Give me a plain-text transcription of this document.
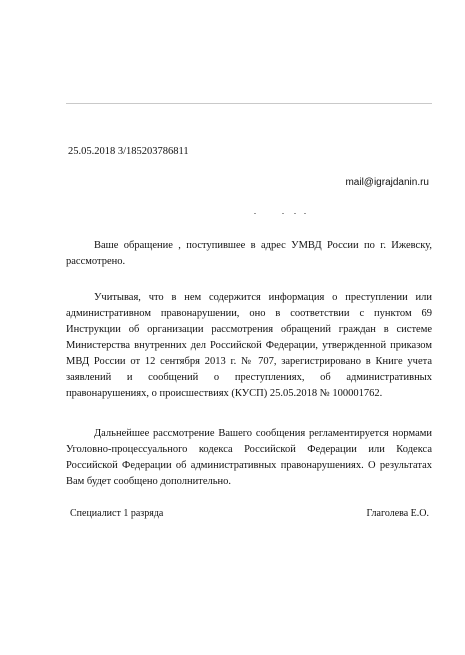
25.05.2018 3/185203786811
mail@igrajdanin.ru

Ваше обращение , поступившее в адрес УМВД России по г. Ижевску, рассмотрено.

Учитывая, что в нем содержится информация о преступлении или административном правонарушении, оно в соответствии с пунктом 69 Инструкции об организации рассмотрения обращений граждан в системе Министерства внутренних дел Российской Федерации, утвержденной приказом МВД России от 12 сентября 2013 г. № 707, зарегистрировано в Книге учета заявлений и сообщений о преступлениях, об административных правонарушениях, о происшествиях (КУСП) 25.05.2018 № 100001762.

Дальнейшее рассмотрение Вашего сообщения регламентируется нормами Уголовно-процессуального кодекса Российской Федерации или Кодекса Российской Федерации об административных правонарушениях. О результатах Вам будет сообщено дополнительно.

Специалист 1 разряда	Глаголева Е.О.
